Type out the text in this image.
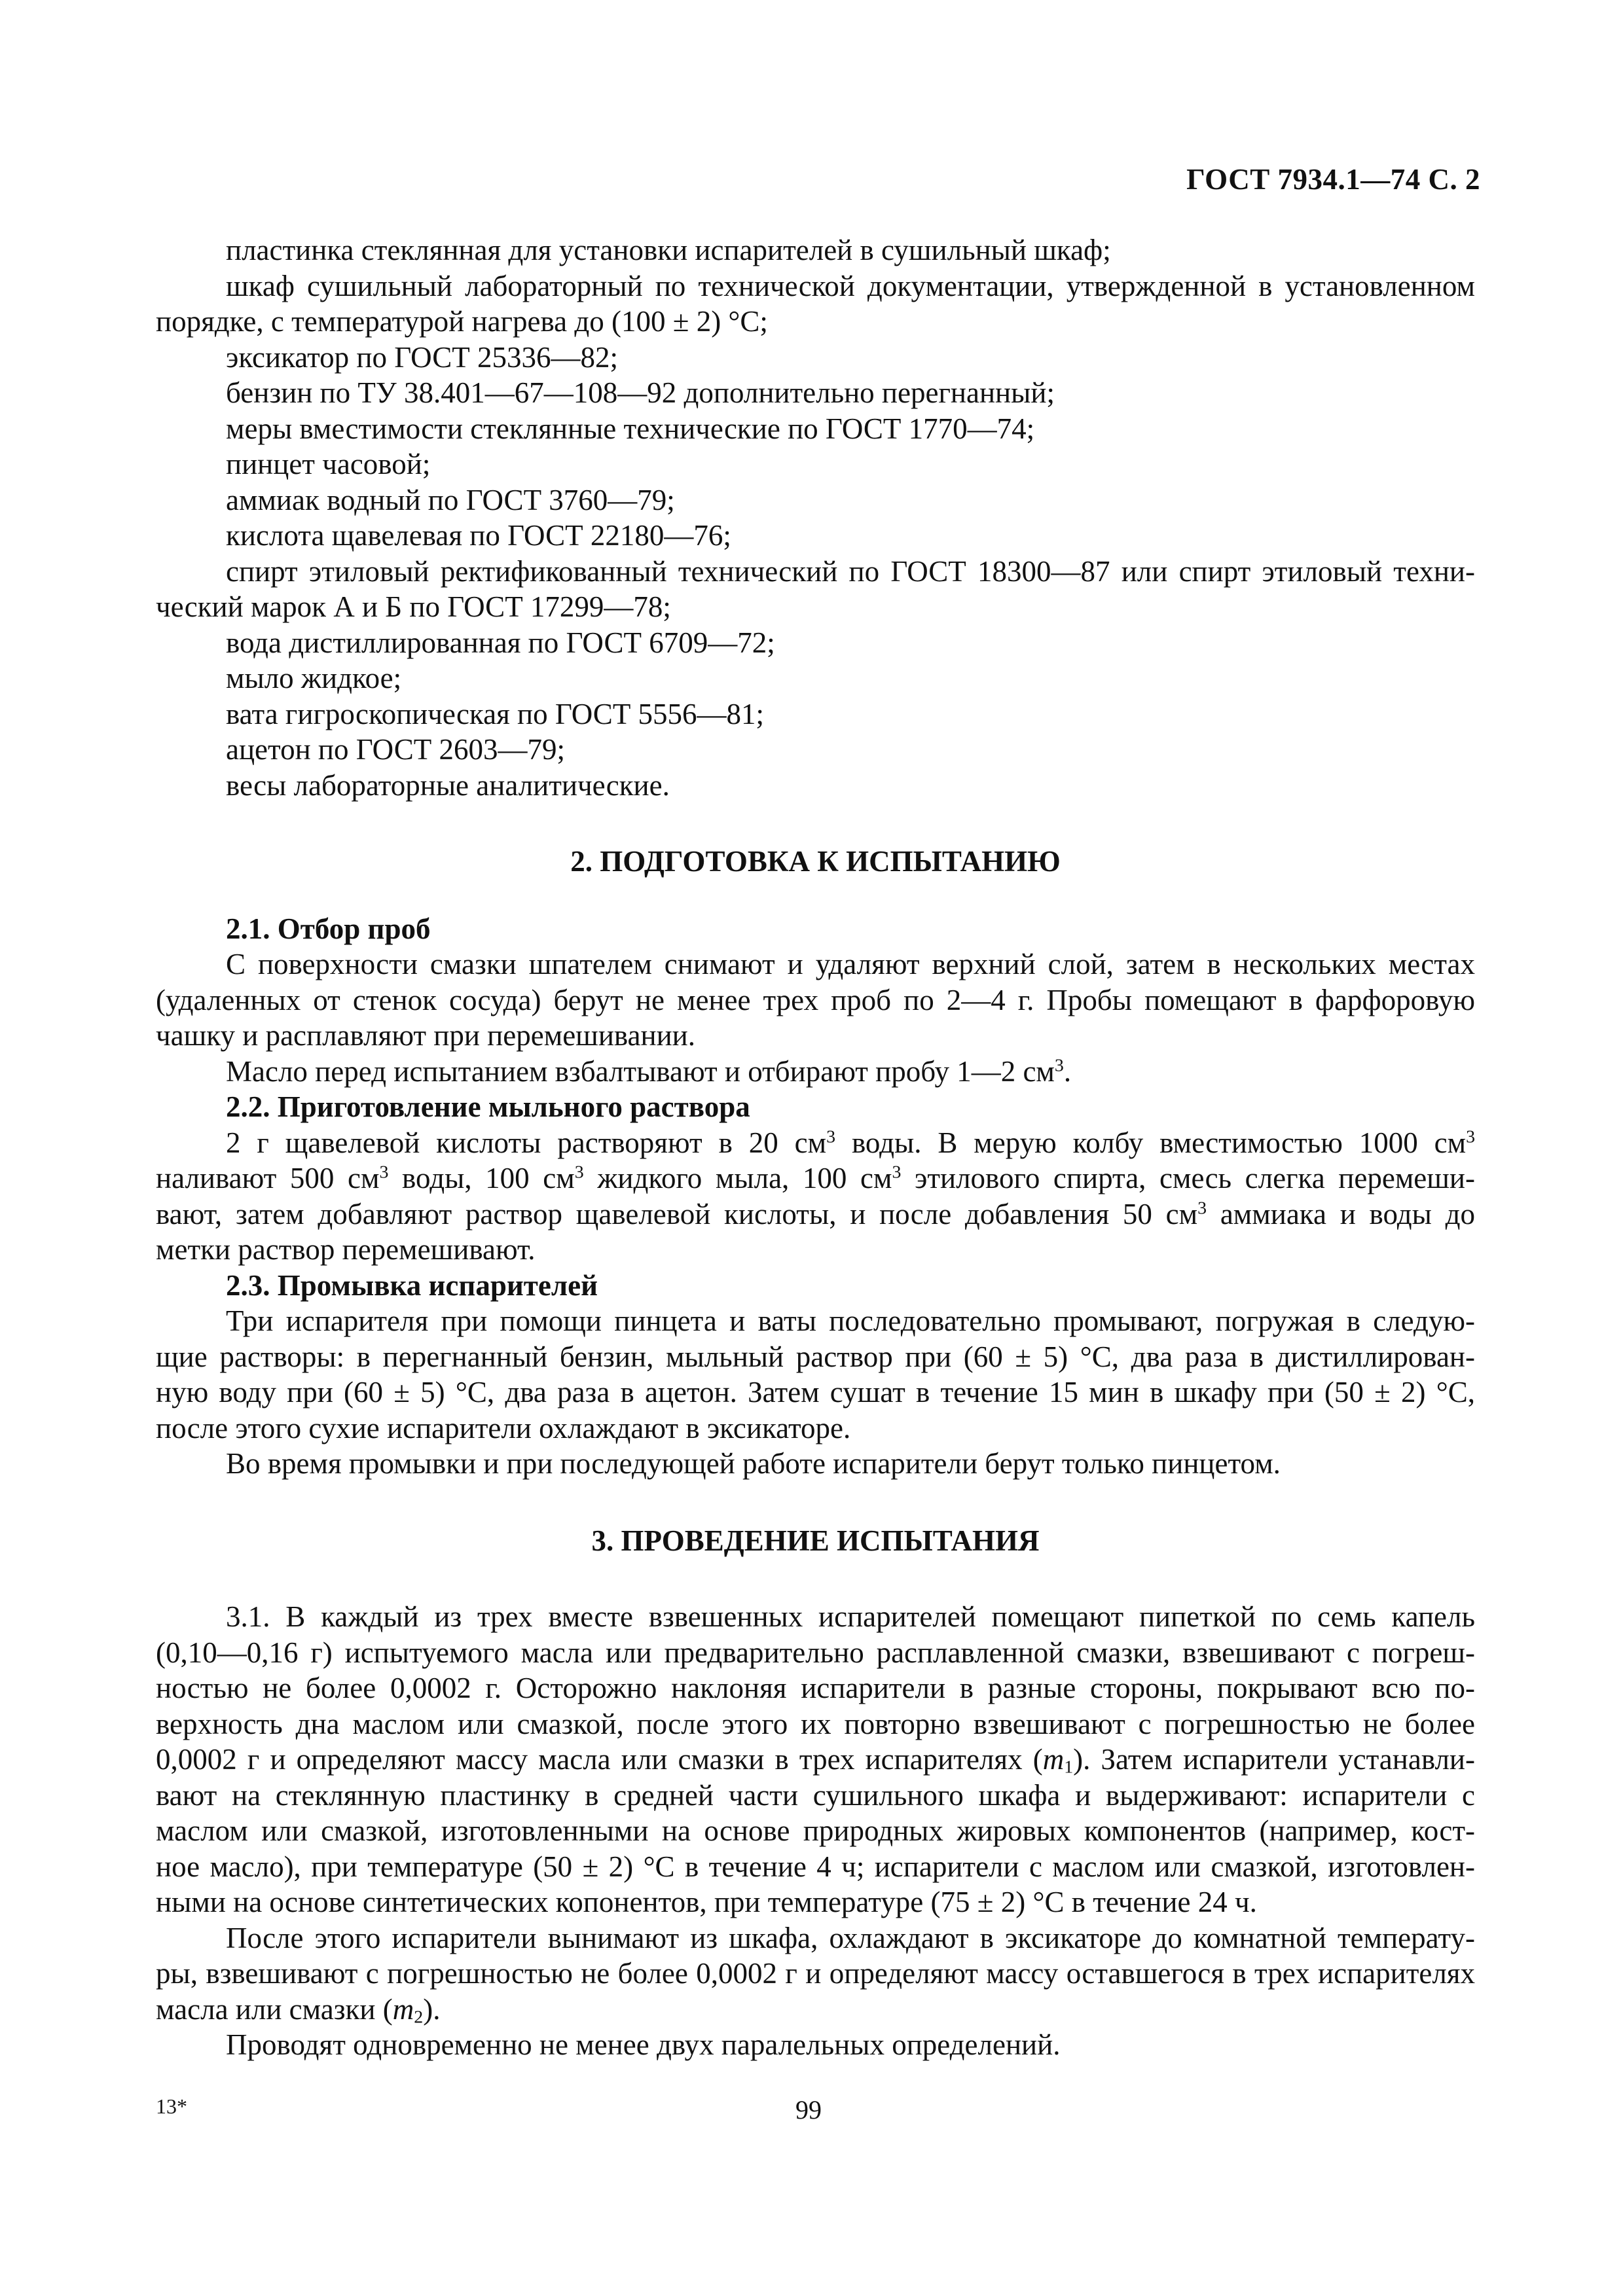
ГОСТ 7934.1—74 С. 2

пластинка стеклянная для установки испарителей в сушильный шкаф;

шкаф сушильный лабораторный по технической документации, утвержденной в установленном

порядке, с температурой нагрева до (100 ± 2) °С;

эксикатор по ГОСТ 25336—82;

бензин по ТУ 38.401—67—108—92 дополнительно перегнанный;

меры вместимости стеклянные технические по ГОСТ 1770—74;

пинцет часовой;

аммиак водный по ГОСТ 3760—79;

кислота щавелевая по ГОСТ 22180—76;

спирт этиловый ректификованный технический по ГОСТ 18300—87 или спирт этиловый техни-

ческий марок А и Б по ГОСТ 17299—78;

вода дистиллированная по ГОСТ 6709—72;

мыло жидкое;

вата гигроскопическая по ГОСТ 5556—81;

ацетон по ГОСТ 2603—79;

весы лабораторные аналитические.

2. ПОДГОТОВКА К ИСПЫТАНИЮ

2.1. Отбор проб

С поверхности смазки шпателем снимают и удаляют верхний слой, затем в нескольких местах

(удаленных от стенок сосуда) берут не менее трех проб по 2—4 г. Пробы помещают в фарфоровую

чашку и расплавляют при перемешивании.

Масло перед испытанием взбалтывают и отбирают пробу 1—2 $см^3$.

2.2. Приготовление мыльного раствора

2 г щавелевой кислоты растворяют в 20 $см^3$ воды. В мерую колбу вместимостью 1000 $см^3$

наливают 500 $см^3$ воды, 100 $см^3$ жидкого мыла, 100 $см^3$ этилового спирта, смесь слегка перемеши-

вают, затем добавляют раствор щавелевой кислоты, и после добавления 50 $см^3$ аммиака и воды до

метки раствор перемешивают.

2.3. Промывка испарителей

Три испарителя при помощи пинцета и ваты последовательно промывают, погружая в следую-

щие растворы: в перегнанный бензин, мыльный раствор при (60 ± 5) °С, два раза в дистиллирован-

ную воду при (60 ± 5) °С, два раза в ацетон. Затем сушат в течение 15 мин в шкафу при (50 ± 2) °С,

после этого сухие испарители охлаждают в эксикаторе.

Во время промывки и при последующей работе испарители берут только пинцетом.

3. ПРОВЕДЕНИЕ ИСПЫТАНИЯ

3.1. В каждый из трех вместе взвешенных испарителей помещают пипеткой по семь капель

(0,10—0,16 г) испытуемого масла или предварительно расплавленной смазки, взвешивают с погреш-

ностью не более 0,0002 г. Осторожно наклоняя испарители в разные стороны, покрывают всю по-

верхность дна маслом или смазкой, после этого их повторно взвешивают с погрешностью не более

0,0002 г и определяют массу масла или смазки в трех испарителях $(m_1)$. Затем испарители устанавли-

вают на стеклянную пластинку в средней части сушильного шкафа и выдерживают: испарители с

маслом или смазкой, изготовленными на основе природных жировых компонентов (например, кост-

ное масло), при температуре (50 ± 2) °С в течение 4 ч; испарители с маслом или смазкой, изготовлен-

ными на основе синтетических копонентов, при температуре (75 ± 2) °С в течение 24 ч.

После этого испарители вынимают из шкафа, охлаждают в эксикаторе до комнатной температу-

ры, взвешивают с погрешностью не более 0,0002 г и определяют массу оставшегося в трех испарителях

масла или смазки $(m_2)$.

Проводят одновременно не менее двух паралельных определений.

13*	99
